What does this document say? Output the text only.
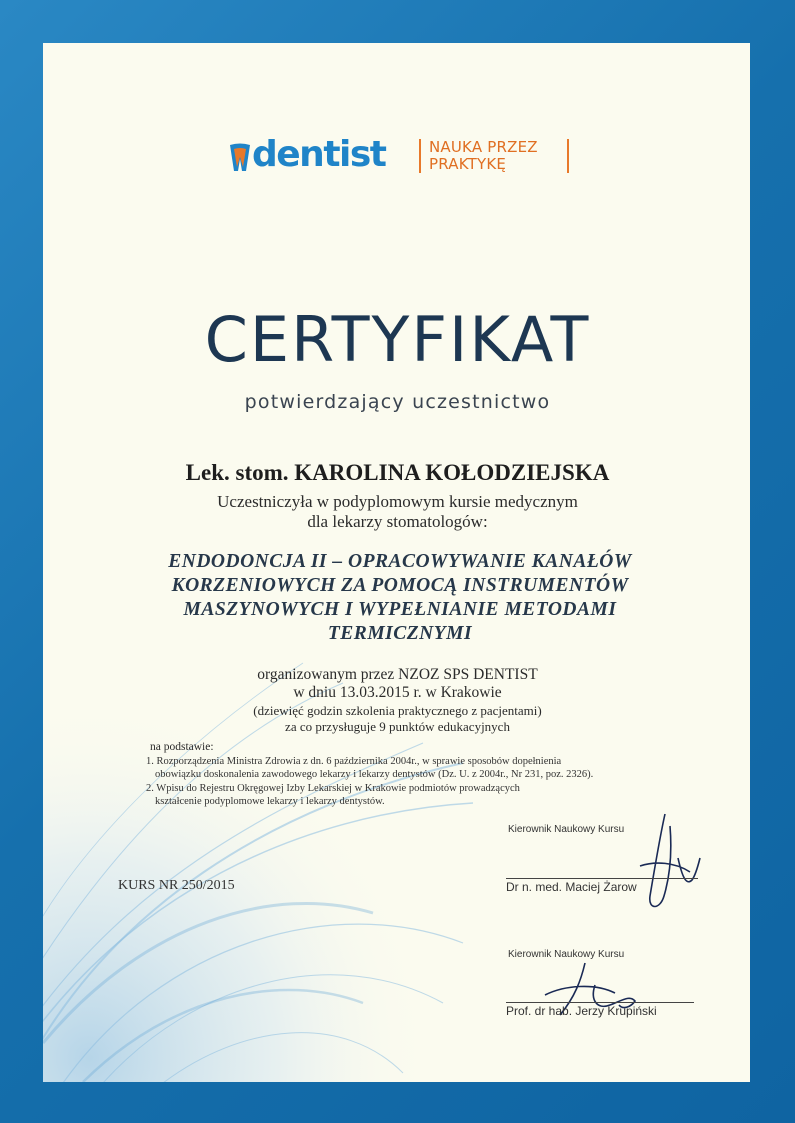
dentist	NAUKA PRZEZ
PRAKTYKĘ
CERTYFIKAT
potwierdzający uczestnictwo
Lek. stom. KAROLINA KOŁODZIEJSKA
Uczestniczyła w podyplomowym kursie medycznym
dla lekarzy stomatologów:
ENDODONCJA II – OPRACOWYWANIE KANAŁÓW
KORZENIOWYCH ZA POMOCĄ INSTRUMENTÓW
MASZYNOWYCH I WYPEŁNIANIE METODAMI
TERMICZNYMI
organizowanym przez NZOZ SPS DENTIST
w dniu 13.03.2015 r. w Krakowie
(dziewięć godzin szkolenia praktycznego z pacjentami)
za co przysługuje 9 punktów edukacyjnych
na podstawie:
1. Rozporządzenia Ministra Zdrowia z dn. 6 października 2004r., w sprawie sposobów dopełnienia
obowiązku doskonalenia zawodowego lekarzy i lekarzy dentystów (Dz. U. z 2004r., Nr 231, poz. 2326).
2. Wpisu do Rejestru Okręgowej Izby Lekarskiej w Krakowie podmiotów prowadzących
kształcenie podyplomowe lekarzy i lekarzy dentystów.
KURS NR 250/2015
Kierownik Naukowy Kursu
Dr n. med. Maciej Żarow
Kierownik Naukowy Kursu
Prof. dr hab. Jerzy Krupiński
